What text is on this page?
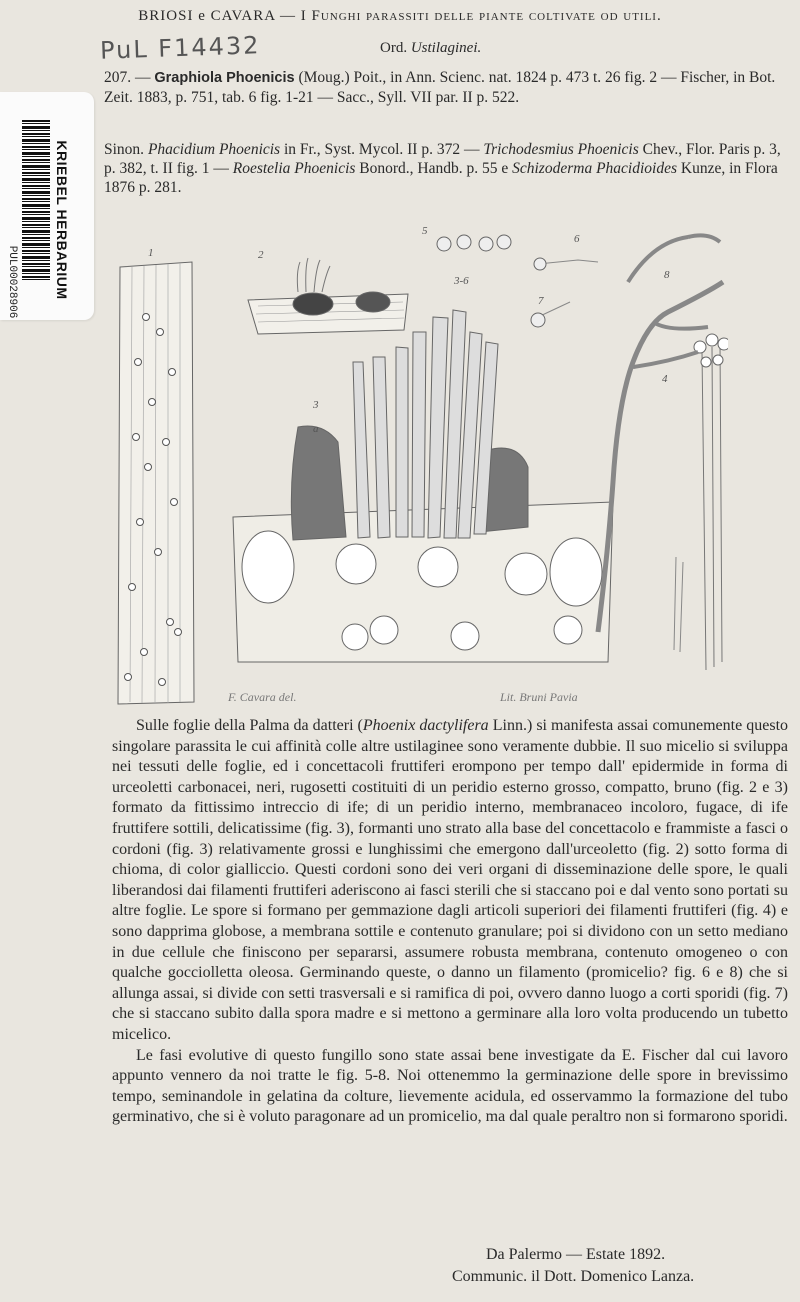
BRIOSI e CAVARA — I Funghi parassiti delle piante coltivate od utili.
PuL F14432	Ord. Ustilaginei.
207. — Graphiola Phoenicis (Moug.) Poit., in Ann. Scienc. nat. 1824 p. 473 t. 26 fig. 2 — Fischer, in Bot. Zeit. 1883, p. 751, tab. 6 fig. 1-21 — Sacc., Syll. VII par. II p. 522.
Sinon. Phacidium Phoenicis in Fr., Syst. Mycol. II p. 372 — Trichodesmius Phoenicis Chev., Flor. Paris p. 3, p. 382, t. II fig. 1 — Roestelia Phoenicis Bonord., Handb. p. 55 e Schizoderma Phacidioides Kunze, in Flora 1876 p. 281.
KRIEBEL HERBARIUM
PUL00028906	1	2
3
4
5
6
7
8
3-6
a
F. Cavara del.	Lit. Bruni Pavia

Sulle foglie della Palma da datteri (Phoenix dactylifera Linn.) si manifesta assai comunemente questo singolare parassita le cui affinità colle altre ustilaginee sono veramente dubbie. Il suo micelio si sviluppa nei tessuti delle foglie, ed i concettacoli fruttiferi erompono per tempo dall' epidermide in forma di urceoletti carbonacei, neri, rugosetti costituiti di un peridio esterno grosso, compatto, bruno (fig. 2 e 3) formato da fittissimo intreccio di ife; di un peridio interno, membranaceo incoloro, fugace, di ife fruttifere sottili, delicatissime (fig. 3), formanti uno strato alla base del concettacolo e frammiste a fasci o cordoni (fig. 3) relativamente grossi e lunghissimi che emergono dall'urceoletto (fig. 2) sotto forma di chioma, di color gialliccio. Questi cordoni sono dei veri organi di disseminazione delle spore, le quali liberandosi dai filamenti fruttiferi aderiscono ai fasci sterili che si staccano poi e dal vento sono portati su altre foglie. Le spore si formano per gemmazione dagli articoli superiori dei filamenti fruttiferi (fig. 4) e sono dapprima globose, a membrana sottile e contenuto granulare; poi si dividono con un setto mediano in due cellule che finiscono per separarsi, assumere robusta membrana, contenuto omogeneo o con qualche gocciolletta oleosa. Germinando queste, o danno un filamento (promicelio? fig. 6 e 8) che si allunga assai, si divide con setti trasversali e si ramifica di poi, ovvero danno luogo a corti sporidi (fig. 7) che si staccano subito dalla spora madre e si mettono a germinare alla loro volta producendo un tubetto micelico.

Le fasi evolutive di questo fungillo sono state assai bene investigate da E. Fischer dal cui lavoro appunto vennero da noi tratte le fig. 5-8. Noi ottenemmo la germinazione delle spore in brevissimo tempo, seminandole in gelatina da colture, lievemente acidula, ed osservammo la formazione del tubo germinativo, che si è voluto paragonare ad un promicelio, ma dal quale peraltro non si formarono sporidi.

Da Palermo — Estate 1892.
Communic. il Dott. Domenico Lanza.
